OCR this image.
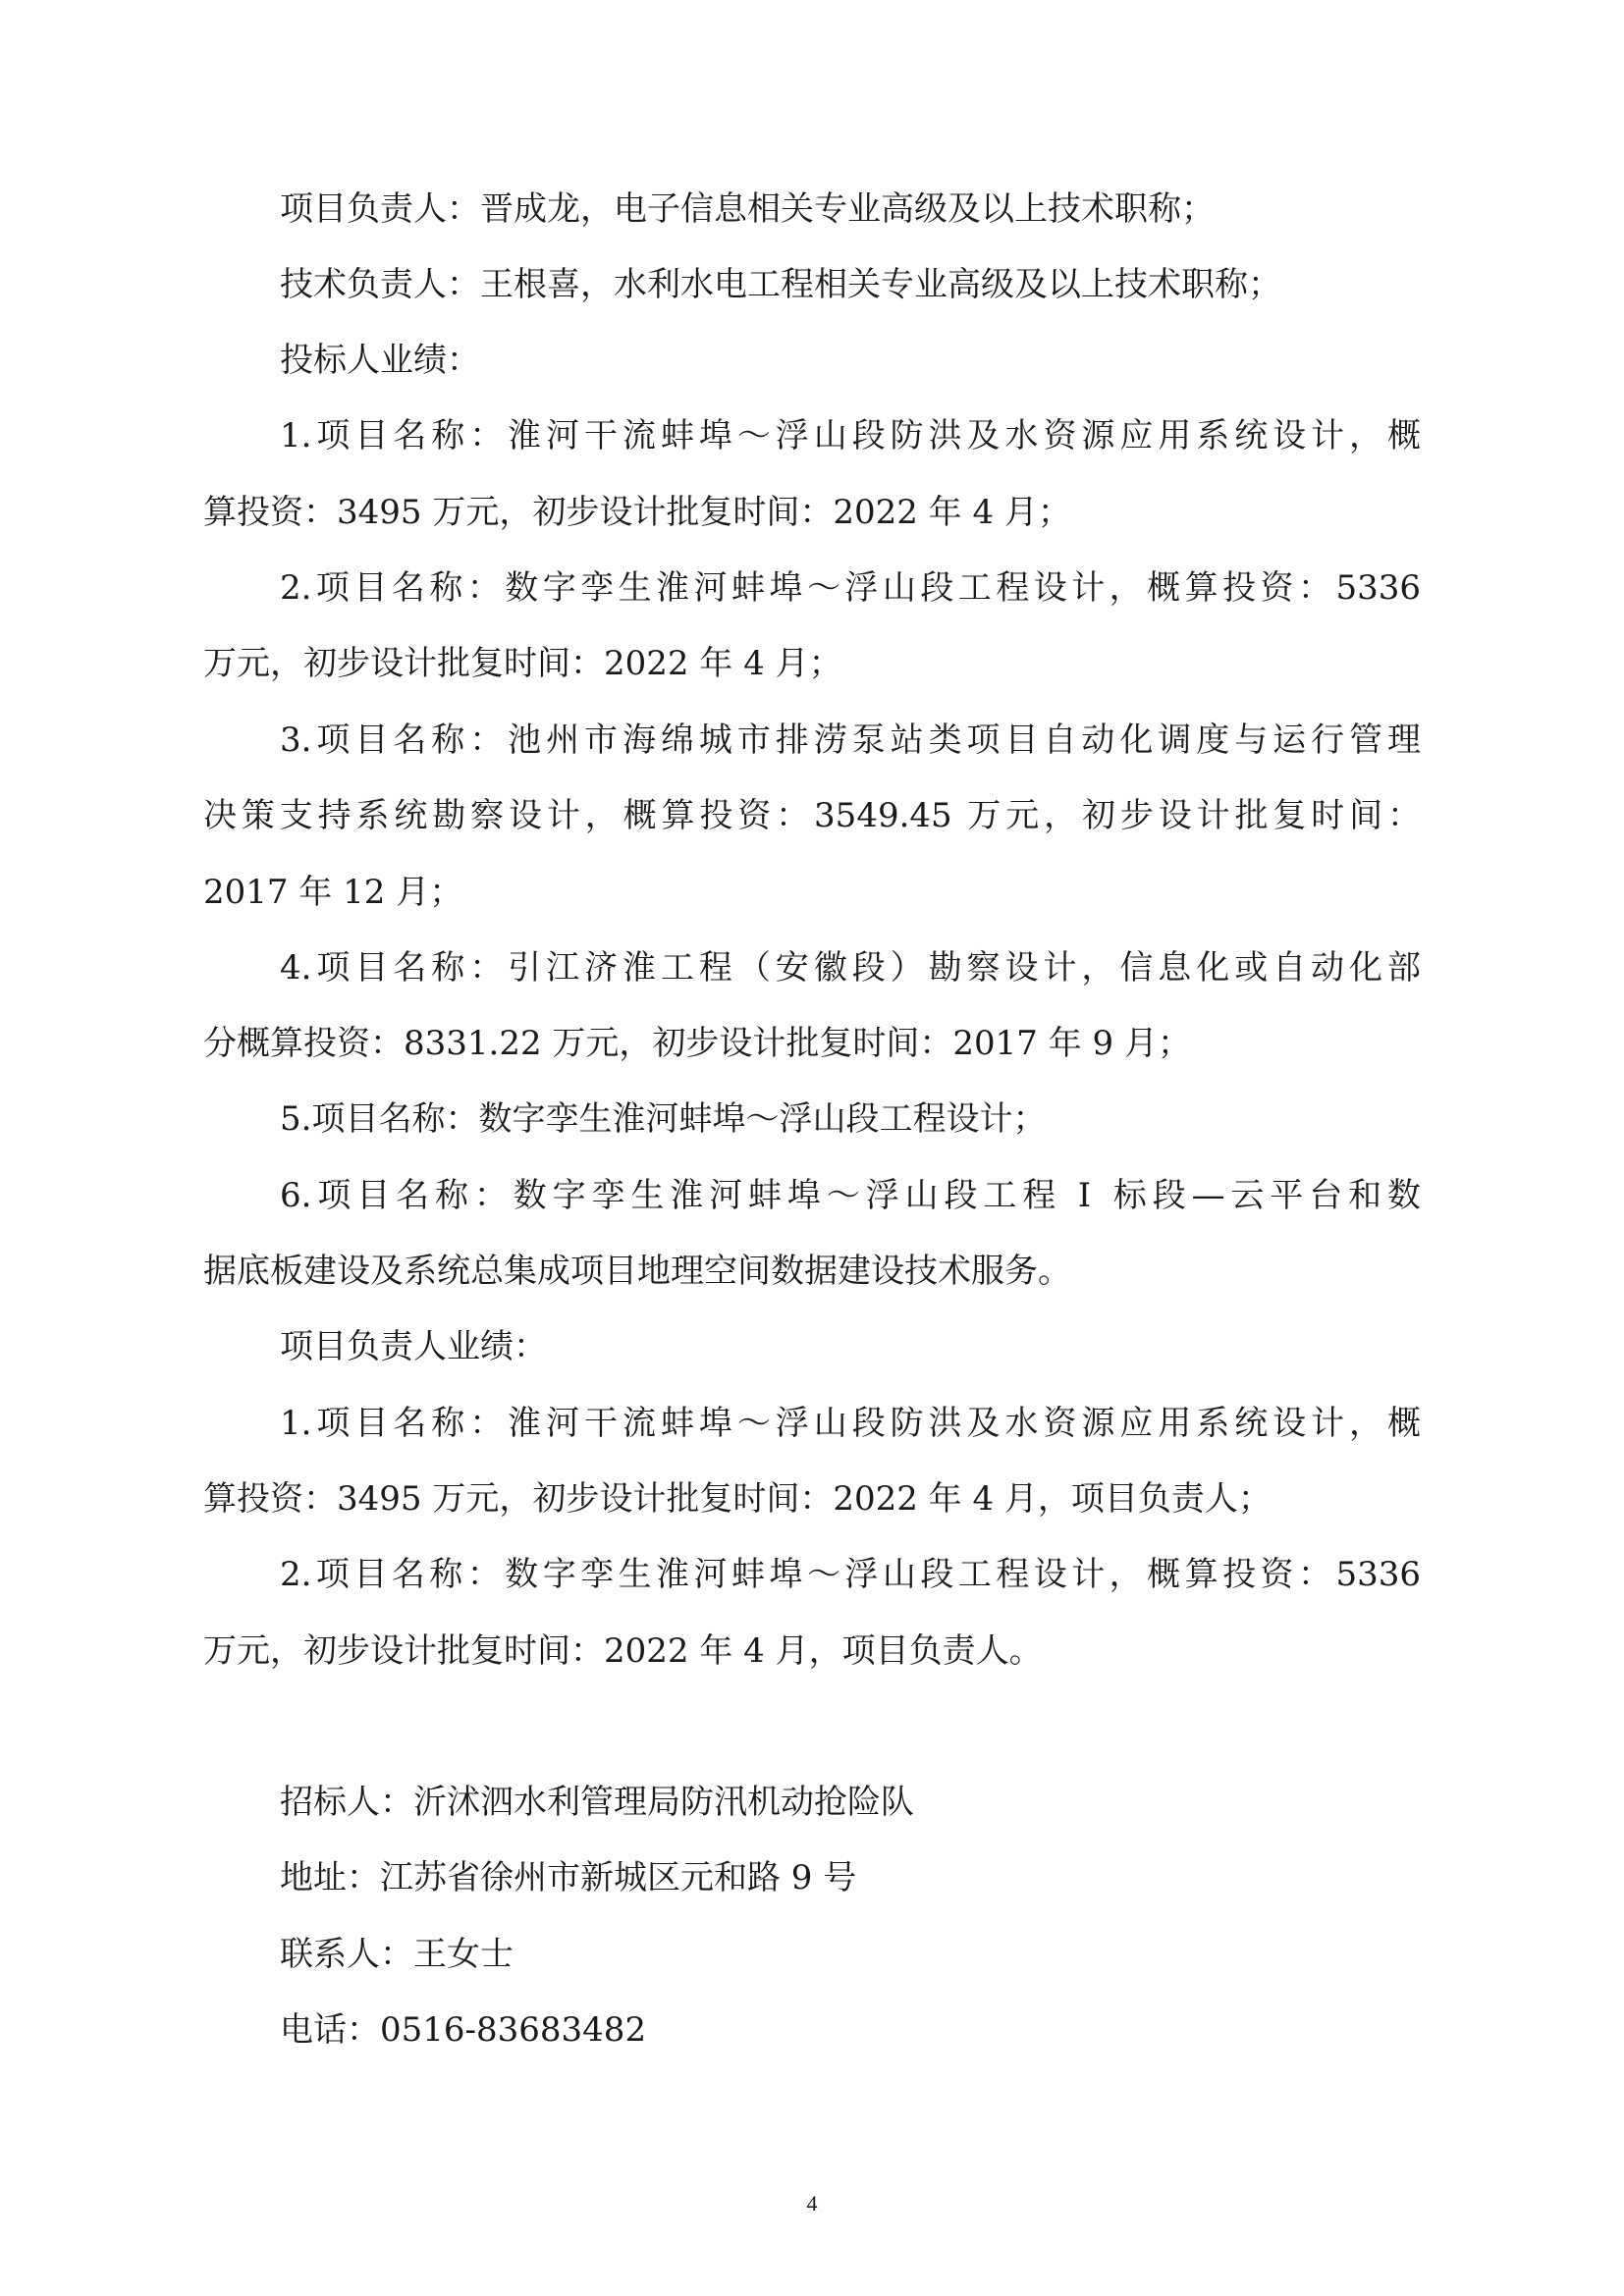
项目负责人：晋成龙，电子信息相关专业高级及以上技术职称；
技术负责人：王根喜，水利水电工程相关专业高级及以上技术职称；
投标人业绩：
1.项目名称：淮河干流蚌埠～浮山段防洪及水资源应用系统设计，概
算投资：3495 万元，初步设计批复时间：2022 年 4 月；
2.项目名称：数字孪生淮河蚌埠～浮山段工程设计，概算投资：5336
万元，初步设计批复时间：2022 年 4 月；
3.项目名称：池州市海绵城市排涝泵站类项目自动化调度与运行管理
决策支持系统勘察设计，概算投资：3549.45 万元，初步设计批复时间：
2017 年 12 月；
4.项目名称：引江济淮工程（安徽段）勘察设计，信息化或自动化部
分概算投资：8331.22 万元，初步设计批复时间：2017 年 9 月；
5.项目名称：数字孪生淮河蚌埠～浮山段工程设计；
6.项目名称：数字孪生淮河蚌埠～浮山段工程 Ⅰ 标段—云平台和数
据底板建设及系统总集成项目地理空间数据建设技术服务。
项目负责人业绩：
1.项目名称：淮河干流蚌埠～浮山段防洪及水资源应用系统设计，概
算投资：3495 万元，初步设计批复时间：2022 年 4 月，项目负责人；
2.项目名称：数字孪生淮河蚌埠～浮山段工程设计，概算投资：5336
万元，初步设计批复时间：2022 年 4 月，项目负责人。
招标人：沂沭泗水利管理局防汛机动抢险队
地址：江苏省徐州市新城区元和路 9 号
联系人：王女士
电话：0516-83683482
4
